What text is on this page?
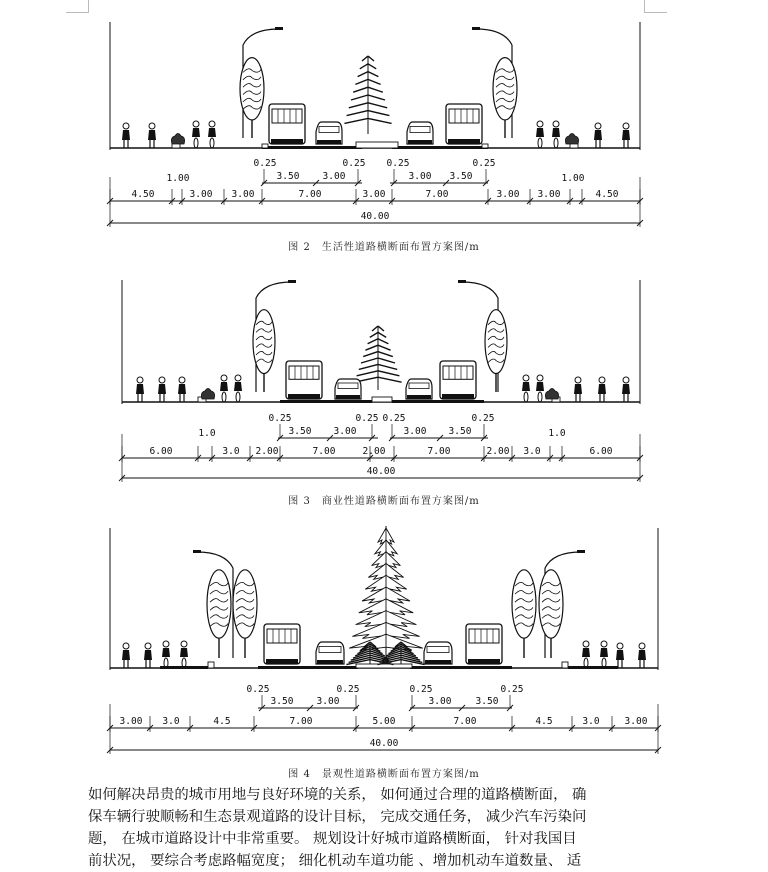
0.25	0.25 0.25	0.25
3.50 3.00	3.00 3.50
1.00	1.00
4.50	3.00 3.00	7.00	3.00	7.00	3.00 3.00	4.50
40.00
图 2　生活性道路横断面布置方案图/m
0.25	0.25 0.25	0.25
3.50 3.00	3.00 3.50
1.0	1.0
6.00	3.0 2.00	7.00	2.00	7.00	2.00 3.0	6.00
40.00
图 3　商业性道路横断面布置方案图/m
0.25	0.25	0.25	0.25
3.50 3.00	3.00	3.50
3.00 3.0	4.5	7.00	5.00	7.00	4.5	3.0	3.00
40.00
图 4　景观性道路横断面布置方案图/m
如何解决昂贵的城市用地与良好环境的关系， 如何通过合理的道路横断面， 确
保车辆行驶顺畅和生态景观道路的设计目标， 完成交通任务， 减少汽车污染问
题， 在城市道路设计中非常重要。 规划设计好城市道路横断面， 针对我国目
前状况， 要综合考虑路幅宽度； 细化机动车道功能 、增加机动车道数量、 适
